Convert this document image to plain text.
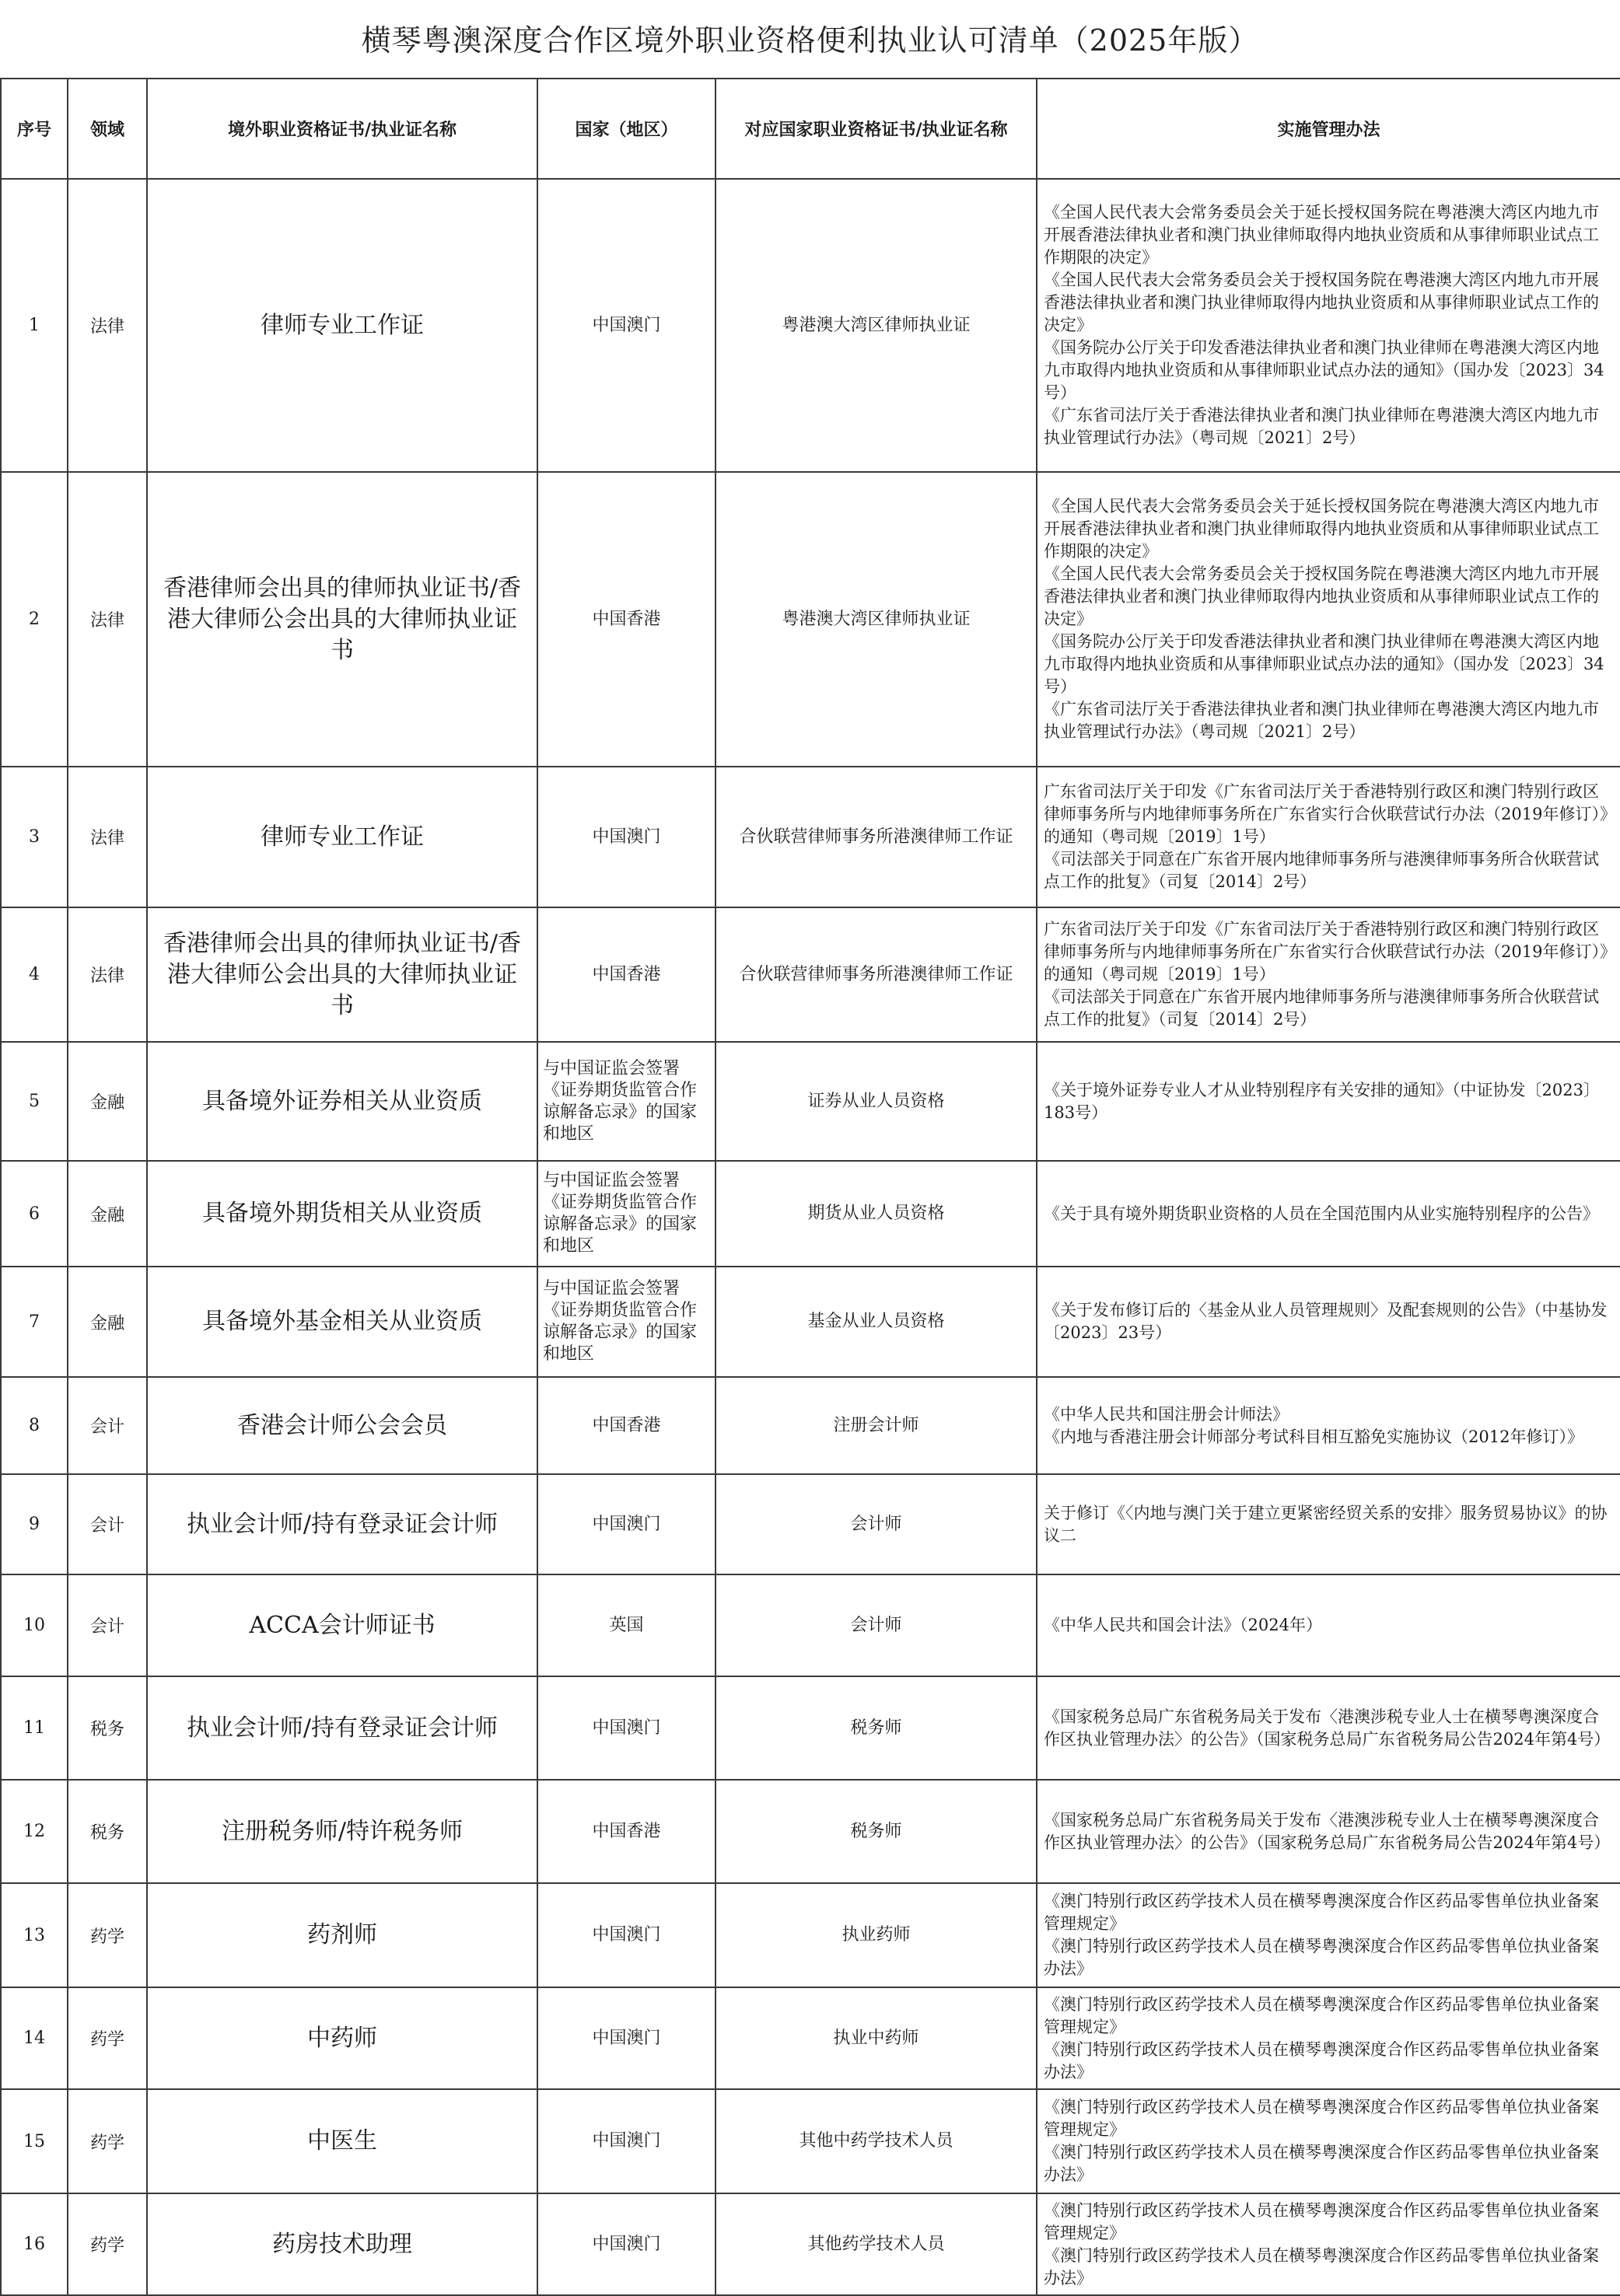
横琴粤澳深度合作区境外职业资格便利执业认可清单（2025年版）
序号	领域	境外职业资格证书/执业证名称	国家（地区）	对应国家职业资格证书/执业证名称	实施管理办法
1	法律	律师专业工作证	中国澳门	粤港澳大湾区律师执业证	《全国人民代表大会常务委员会关于延长授权国务院在粤港澳大湾区内地九市开展香港法律执业者和澳门执业律师取得内地执业资质和从事律师职业试点工作期限的决定》
《全国人民代表大会常务委员会关于授权国务院在粤港澳大湾区内地九市开展香港法律执业者和澳门执业律师取得内地执业资质和从事律师职业试点工作的决定》
《国务院办公厅关于印发香港法律执业者和澳门执业律师在粤港澳大湾区内地九市取得内地执业资质和从事律师职业试点办法的通知》（国办发〔2023〕34号）
《广东省司法厅关于香港法律执业者和澳门执业律师在粤港澳大湾区内地九市执业管理试行办法》（粤司规〔2021〕2号）

2	法律	香港律师会出具的律师执业证书/香港大律师公会出具的大律师执业证书	中国香港	粤港澳大湾区律师执业证	《全国人民代表大会常务委员会关于延长授权国务院在粤港澳大湾区内地九市开展香港法律执业者和澳门执业律师取得内地执业资质和从事律师职业试点工作期限的决定》
《全国人民代表大会常务委员会关于授权国务院在粤港澳大湾区内地九市开展香港法律执业者和澳门执业律师取得内地执业资质和从事律师职业试点工作的决定》
《国务院办公厅关于印发香港法律执业者和澳门执业律师在粤港澳大湾区内地九市取得内地执业资质和从事律师职业试点办法的通知》（国办发〔2023〕34号）
《广东省司法厅关于香港法律执业者和澳门执业律师在粤港澳大湾区内地九市执业管理试行办法》（粤司规〔2021〕2号）

3	法律	律师专业工作证	中国澳门	合伙联营律师事务所港澳律师工作证	广东省司法厅关于印发《广东省司法厅关于香港特别行政区和澳门特别行政区律师事务所与内地律师事务所在广东省实行合伙联营试行办法（2019年修订）》的通知（粤司规〔2019〕1号）
《司法部关于同意在广东省开展内地律师事务所与港澳律师事务所合伙联营试点工作的批复》（司复〔2014〕2号）

4	法律	香港律师会出具的律师执业证书/香港大律师公会出具的大律师执业证书	中国香港	合伙联营律师事务所港澳律师工作证	广东省司法厅关于印发《广东省司法厅关于香港特别行政区和澳门特别行政区律师事务所与内地律师事务所在广东省实行合伙联营试行办法（2019年修订）》的通知（粤司规〔2019〕1号）
《司法部关于同意在广东省开展内地律师事务所与港澳律师事务所合伙联营试点工作的批复》（司复〔2014〕2号）

5	金融	具备境外证券相关从业资质	与中国证监会签署《证券期货监管合作谅解备忘录》的国家和地区	证券从业人员资格	《关于境外证券专业人才从业特别程序有关安排的通知》（中证协发〔2023〕183号）

6	金融	具备境外期货相关从业资质	与中国证监会签署《证券期货监管合作谅解备忘录》的国家和地区	期货从业人员资格	《关于具有境外期货职业资格的人员在全国范围内从业实施特别程序的公告》

7	金融	具备境外基金相关从业资质	与中国证监会签署《证券期货监管合作谅解备忘录》的国家和地区	基金从业人员资格	《关于发布修订后的〈基金从业人员管理规则〉及配套规则的公告》（中基协发〔2023〕23号）

8	会计	香港会计师公会会员	中国香港	注册会计师	《中华人民共和国注册会计师法》
《内地与香港注册会计师部分考试科目相互豁免实施协议（2012年修订）》

9	会计	执业会计师/持有登录证会计师	中国澳门	会计师	关于修订《〈内地与澳门关于建立更紧密经贸关系的安排〉服务贸易协议》的协议二

10	会计	ACCA会计师证书	英国	会计师	《中华人民共和国会计法》（2024年）

11	税务	执业会计师/持有登录证会计师	中国澳门	税务师	《国家税务总局广东省税务局关于发布〈港澳涉税专业人士在横琴粤澳深度合作区执业管理办法〉的公告》（国家税务总局广东省税务局公告2024年第4号）

12	税务	注册税务师/特许税务师	中国香港	税务师	《国家税务总局广东省税务局关于发布〈港澳涉税专业人士在横琴粤澳深度合作区执业管理办法〉的公告》（国家税务总局广东省税务局公告2024年第4号）

13	药学	药剂师	中国澳门	执业药师	《澳门特别行政区药学技术人员在横琴粤澳深度合作区药品零售单位执业备案管理规定》
《澳门特别行政区药学技术人员在横琴粤澳深度合作区药品零售单位执业备案办法》

14	药学	中药师	中国澳门	执业中药师	《澳门特别行政区药学技术人员在横琴粤澳深度合作区药品零售单位执业备案管理规定》
《澳门特别行政区药学技术人员在横琴粤澳深度合作区药品零售单位执业备案办法》

15	药学	中医生	中国澳门	其他中药学技术人员	《澳门特别行政区药学技术人员在横琴粤澳深度合作区药品零售单位执业备案管理规定》
《澳门特别行政区药学技术人员在横琴粤澳深度合作区药品零售单位执业备案办法》

16	药学	药房技术助理	中国澳门	其他药学技术人员	《澳门特别行政区药学技术人员在横琴粤澳深度合作区药品零售单位执业备案管理规定》
《澳门特别行政区药学技术人员在横琴粤澳深度合作区药品零售单位执业备案办法》
